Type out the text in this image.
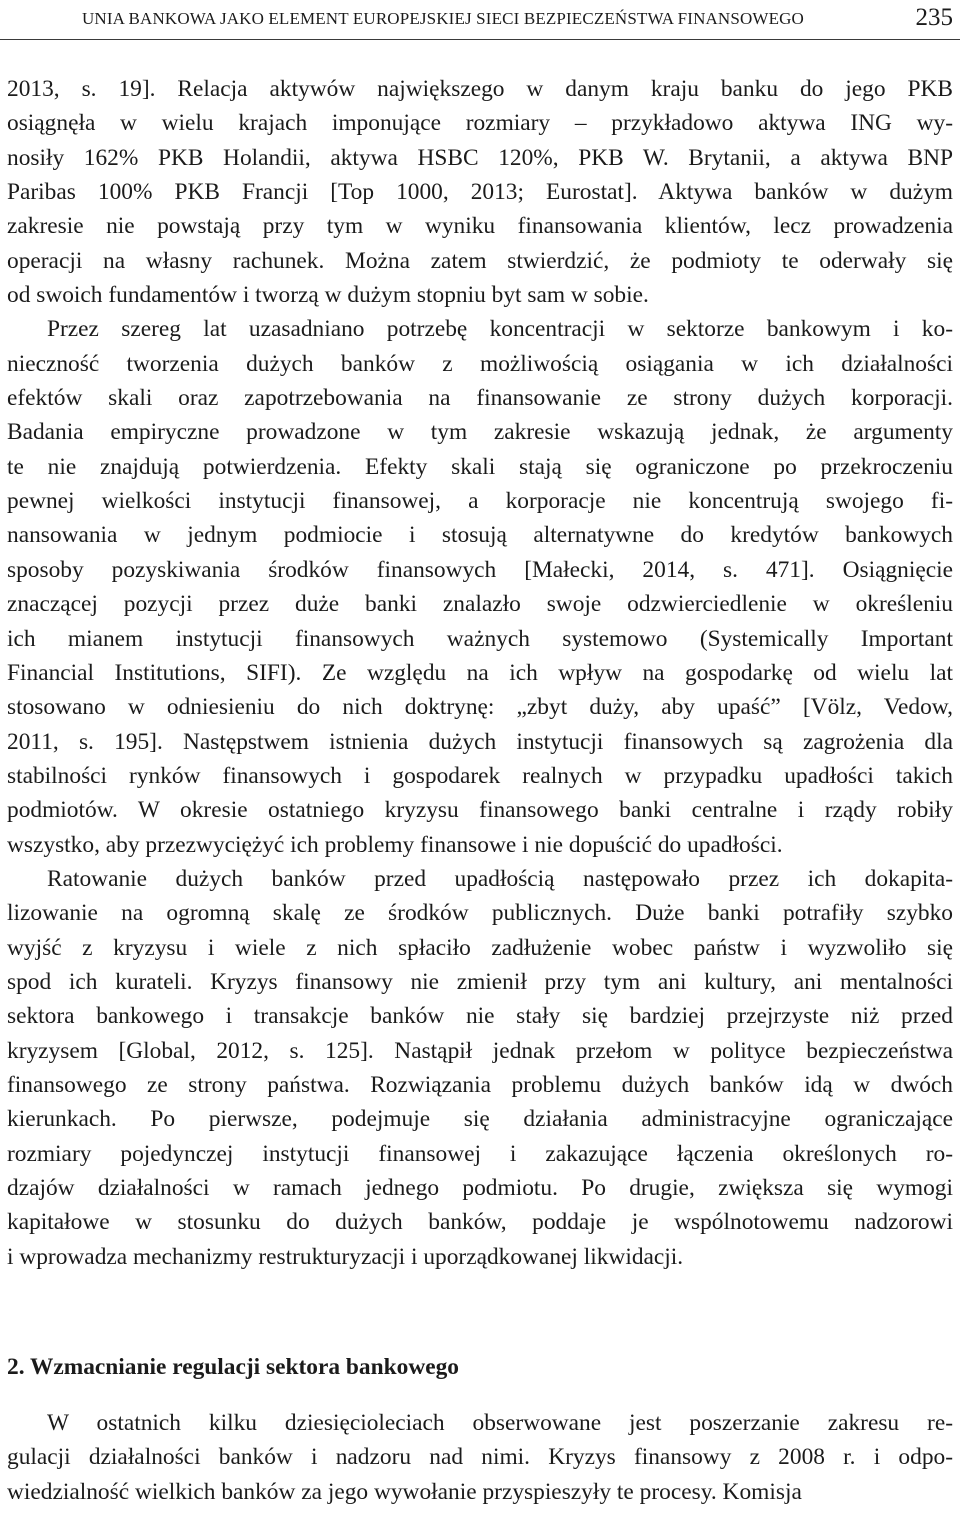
UNIA BANKOWA JAKO ELEMENT EUROPEJSKIEJ SIECI BEZPIECZEŃSTWA FINANSOWEGO	235

2013, s. 19]. Relacja aktywów największego w danym kraju banku do jego PKB
osiągnęła w wielu krajach imponujące rozmiary – przykładowo aktywa ING wy-
nosiły 162% PKB Holandii, aktywa HSBC 120%, PKB W. Brytanii, a aktywa BNP
Paribas 100% PKB Francji [Top 1000, 2013; Eurostat]. Aktywa banków w dużym
zakresie nie powstają przy tym w wyniku finansowania klientów, lecz prowadzenia
operacji na własny rachunek. Można zatem stwierdzić, że podmioty te oderwały się
od swoich fundamentów i tworzą w dużym stopniu byt sam w sobie.

Przez szereg lat uzasadniano potrzebę koncentracji w sektorze bankowym i ko-
nieczność tworzenia dużych banków z możliwością osiągania w ich działalności
efektów skali oraz zapotrzebowania na finansowanie ze strony dużych korporacji.
Badania empiryczne prowadzone w tym zakresie wskazują jednak, że argumenty
te nie znajdują potwierdzenia. Efekty skali stają się ograniczone po przekroczeniu
pewnej wielkości instytucji finansowej, a korporacje nie koncentrują swojego fi-
nansowania w jednym podmiocie i stosują alternatywne do kredytów bankowych
sposoby pozyskiwania środków finansowych [Małecki, 2014, s. 471]. Osiągnięcie
znaczącej pozycji przez duże banki znalazło swoje odzwierciedlenie w określeniu
ich mianem instytucji finansowych ważnych systemowo (Systemically Important
Financial Institutions, SIFI). Ze względu na ich wpływ na gospodarkę od wielu lat
stosowano w odniesieniu do nich doktrynę: „zbyt duży, aby upaść” [Völz, Vedow,
2011, s. 195]. Następstwem istnienia dużych instytucji finansowych są zagrożenia dla
stabilności rynków finansowych i gospodarek realnych w przypadku upadłości takich
podmiotów. W okresie ostatniego kryzysu finansowego banki centralne i rządy robiły
wszystko, aby przezwyciężyć ich problemy finansowe i nie dopuścić do upadłości.

Ratowanie dużych banków przed upadłością następowało przez ich dokapita-
lizowanie na ogromną skalę ze środków publicznych. Duże banki potrafiły szybko
wyjść z kryzysu i wiele z nich spłaciło zadłużenie wobec państw i wyzwoliło się
spod ich kurateli. Kryzys finansowy nie zmienił przy tym ani kultury, ani mentalności
sektora bankowego i transakcje banków nie stały się bardziej przejrzyste niż przed
kryzysem [Global, 2012, s. 125]. Nastąpił jednak przełom w polityce bezpieczeństwa
finansowego ze strony państwa. Rozwiązania problemu dużych banków idą w dwóch
kierunkach. Po pierwsze, podejmuje się działania administracyjne ograniczające
rozmiary pojedynczej instytucji finansowej i zakazujące łączenia określonych ro-
dzajów działalności w ramach jednego podmiotu. Po drugie, zwiększa się wymogi
kapitałowe w stosunku do dużych banków, poddaje je wspólnotowemu nadzorowi
i wprowadza mechanizmy restrukturyzacji i uporządkowanej likwidacji.

2. Wzmacnianie regulacji sektora bankowego

W ostatnich kilku dziesięcioleciach obserwowane jest poszerzanie zakresu re-
gulacji działalności banków i nadzoru nad nimi. Kryzys finansowy z 2008 r. i odpo-
wiedzialność wielkich banków za jego wywołanie przyspieszyły te procesy. Komisja
